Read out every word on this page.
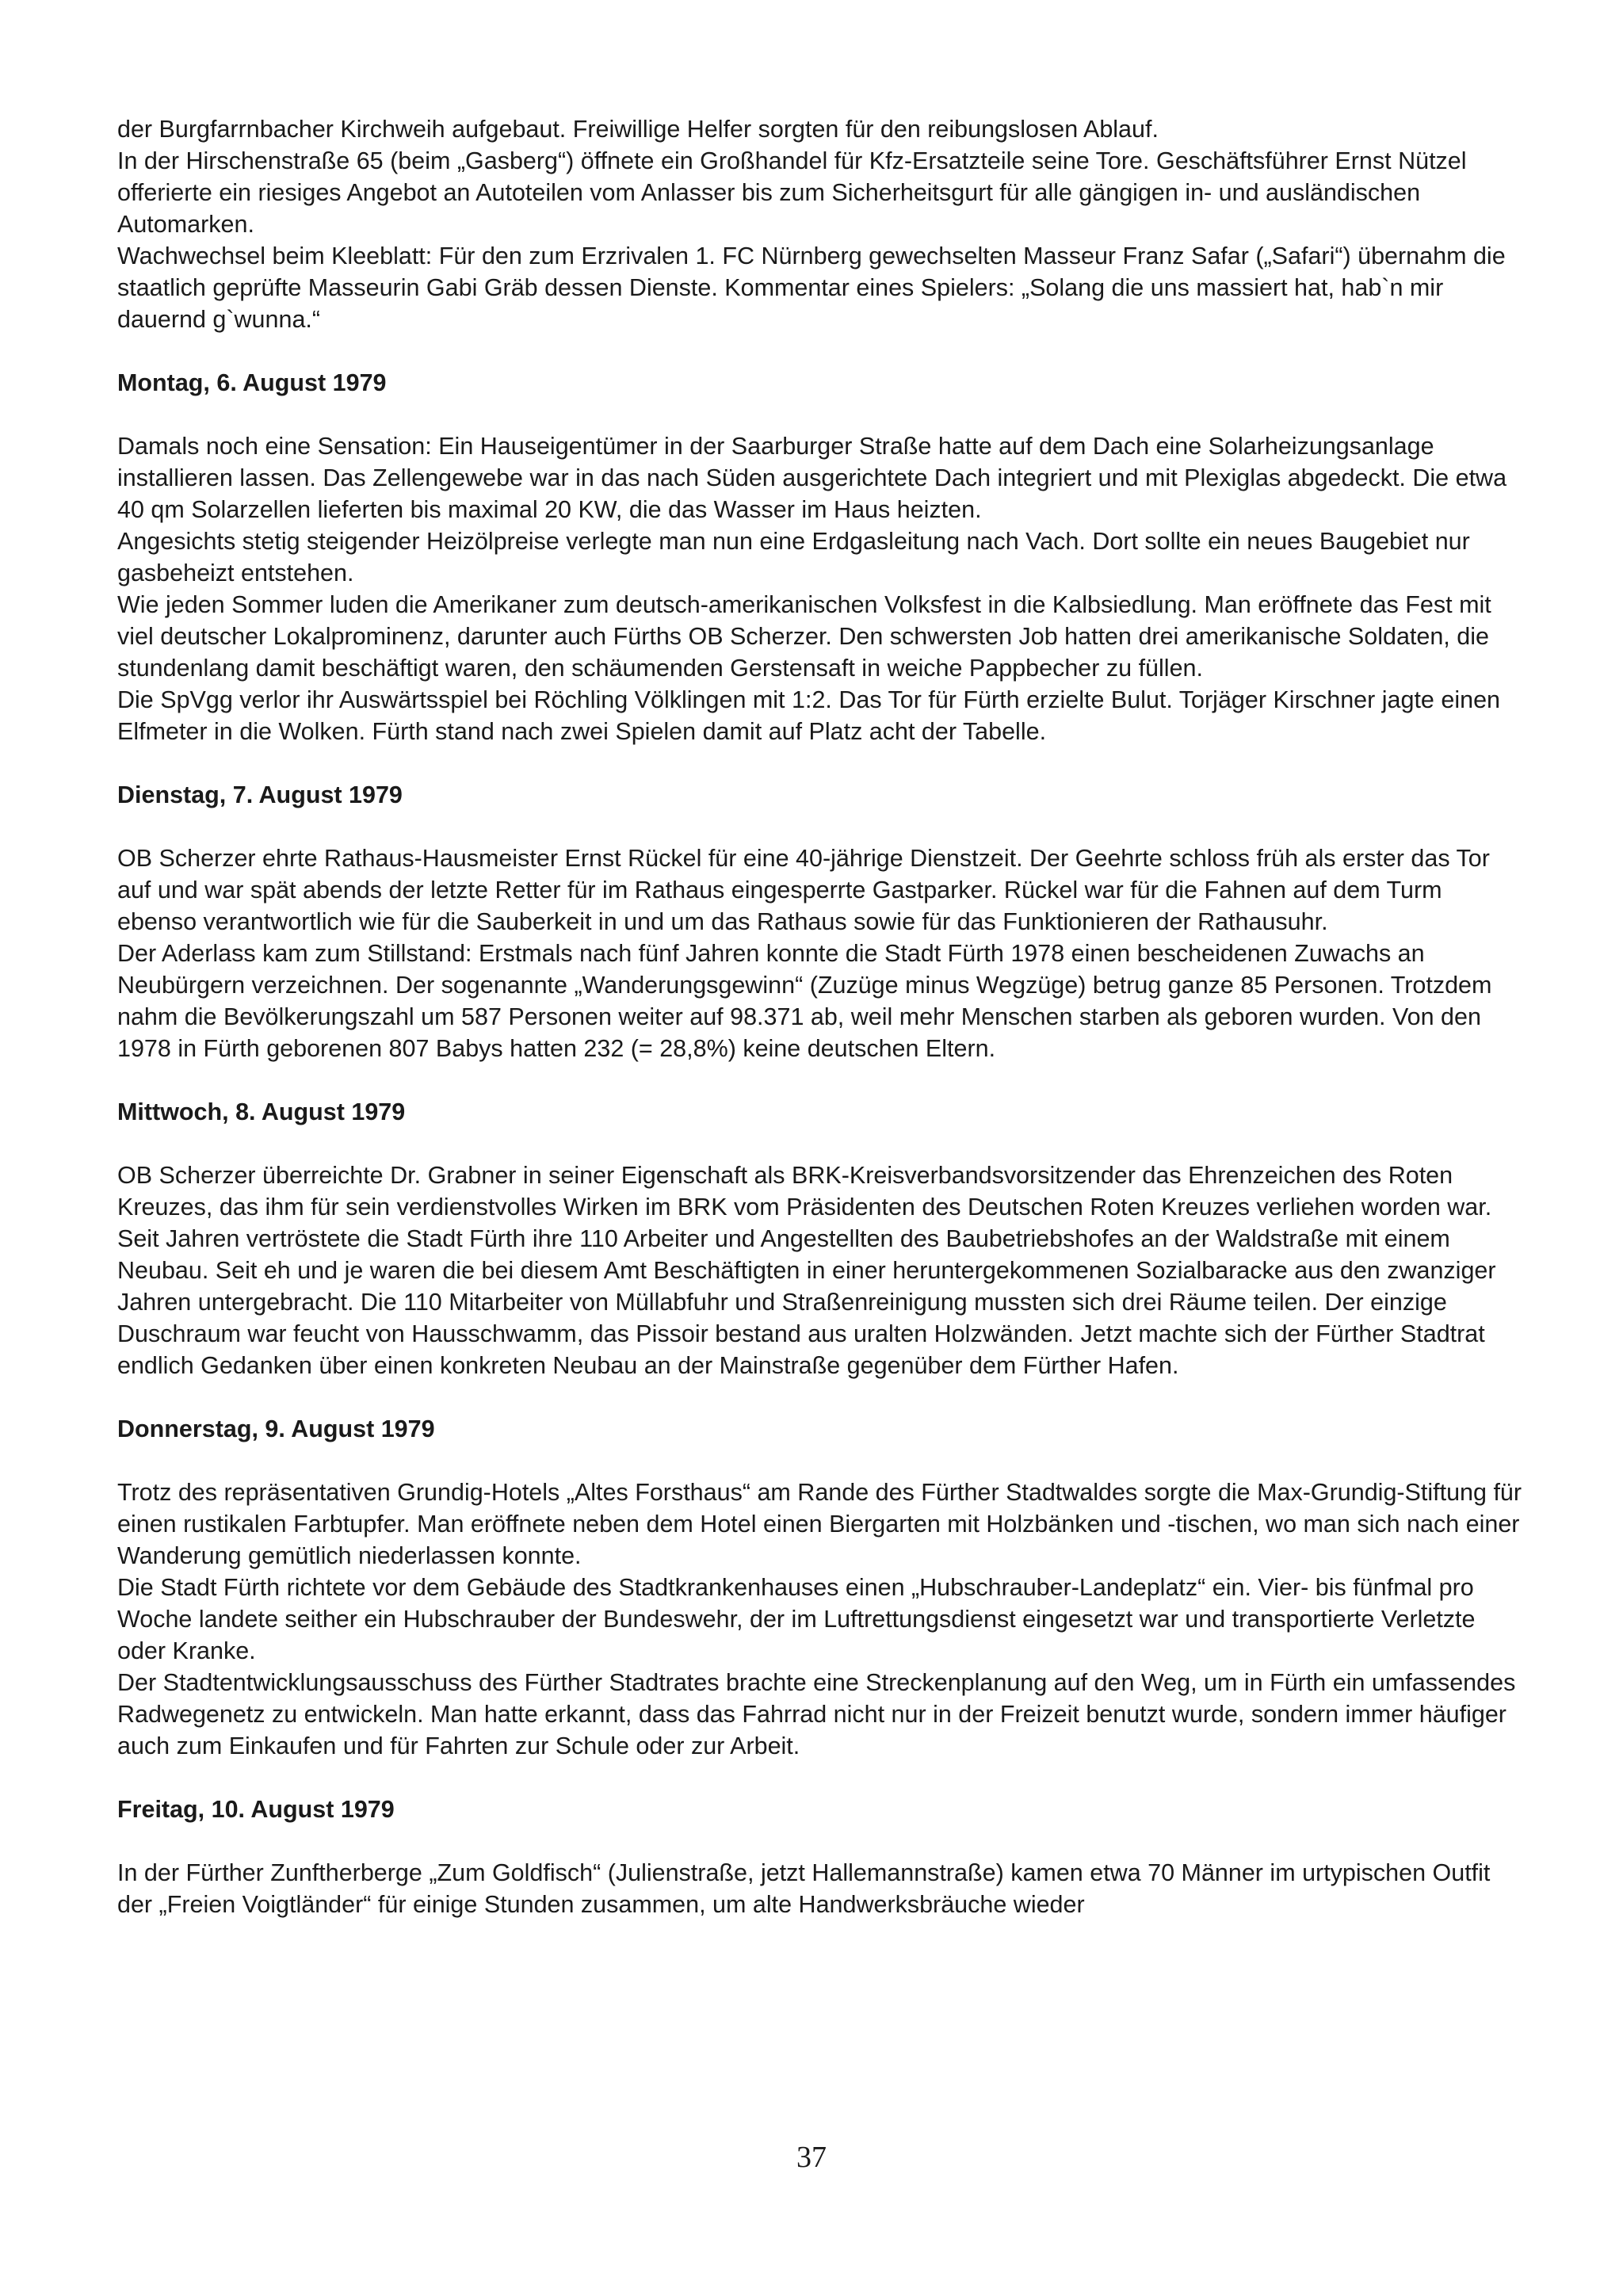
der Burgfarrnbacher Kirchweih aufgebaut. Freiwillige Helfer sorgten für den reibungslosen Ablauf.

In der Hirschenstraße 65 (beim „Gasberg“) öffnete ein Großhandel für Kfz-Ersatzteile seine Tore. Geschäftsführer Ernst Nützel offerierte ein riesiges Angebot an Autoteilen vom Anlasser bis zum Sicherheitsgurt für alle gängigen in- und ausländischen Automarken.

Wachwechsel beim Kleeblatt: Für den zum Erzrivalen 1. FC Nürnberg gewechselten Masseur Franz Safar („Safari“) übernahm die staatlich geprüfte Masseurin Gabi Gräb dessen Dienste. Kommentar eines Spielers: „Solang die uns massiert hat, hab`n mir dauernd g`wunna.“

Montag, 6. August 1979

Damals noch eine Sensation: Ein Hauseigentümer in der Saarburger Straße hatte auf dem Dach eine Solarheizungsanlage installieren lassen. Das Zellengewebe war in das nach Süden ausgerichtete Dach integriert und mit Plexiglas abgedeckt. Die etwa 40 qm Solarzellen lieferten bis maximal 20 KW, die das Wasser im Haus heizten.

Angesichts stetig steigender Heizölpreise verlegte man nun eine Erdgasleitung nach Vach. Dort sollte ein neues Baugebiet nur gasbeheizt entstehen.

Wie jeden Sommer luden die Amerikaner zum deutsch-amerikanischen Volksfest in die Kalbsiedlung. Man eröffnete das Fest mit viel deutscher Lokalprominenz, darunter auch Fürths OB Scherzer. Den schwersten Job hatten drei amerikanische Soldaten, die stundenlang damit beschäftigt waren, den schäumenden Gerstensaft in weiche Pappbecher zu füllen.

Die SpVgg verlor ihr Auswärtsspiel bei Röchling Völklingen mit 1:2. Das Tor für Fürth erzielte Bulut. Torjäger Kirschner jagte einen Elfmeter in die Wolken. Fürth stand nach zwei Spielen damit auf Platz acht der Tabelle.

Dienstag, 7. August 1979

OB Scherzer ehrte Rathaus-Hausmeister Ernst Rückel für eine 40-jährige Dienstzeit. Der Geehrte schloss früh als erster das Tor auf und war spät abends der letzte Retter für im Rathaus eingesperrte Gastparker. Rückel war für die Fahnen auf dem Turm ebenso verantwortlich wie für die Sauberkeit in und um das Rathaus sowie für das Funktionieren der Rathausuhr.

Der Aderlass kam zum Stillstand: Erstmals nach fünf Jahren konnte die Stadt Fürth 1978 einen bescheidenen Zuwachs an Neubürgern verzeichnen. Der sogenannte „Wanderungsgewinn“ (Zuzüge minus Wegzüge) betrug ganze 85 Personen. Trotzdem nahm die Bevölkerungszahl um 587 Personen weiter auf 98.371 ab, weil mehr Menschen starben als geboren wurden. Von den 1978 in Fürth geborenen 807 Babys hatten 232 (= 28,8%) keine deutschen Eltern.

Mittwoch, 8. August 1979

OB Scherzer überreichte Dr. Grabner in seiner Eigenschaft als BRK-Kreisverbandsvorsitzender das Ehrenzeichen des Roten Kreuzes, das ihm für sein verdienstvolles Wirken im BRK vom Präsidenten des Deutschen Roten Kreuzes verliehen worden war.

Seit Jahren vertröstete die Stadt Fürth ihre 110 Arbeiter und Angestellten des Baubetriebshofes an der Waldstraße mit einem Neubau. Seit eh und je waren die bei diesem Amt Beschäftigten in einer heruntergekommenen Sozialbaracke aus den zwanziger Jahren untergebracht. Die 110 Mitarbeiter von Müllabfuhr und Straßenreinigung mussten sich drei Räume teilen. Der einzige Duschraum war feucht von Hausschwamm, das Pissoir bestand aus uralten Holzwänden. Jetzt machte sich der Fürther Stadtrat endlich Gedanken über einen konkreten Neubau an der Mainstraße gegenüber dem Fürther Hafen.

Donnerstag, 9. August 1979

Trotz des repräsentativen Grundig-Hotels „Altes Forsthaus“ am Rande des Fürther Stadtwaldes sorgte die Max-Grundig-Stiftung für einen rustikalen Farbtupfer. Man eröffnete neben dem Hotel einen Biergarten mit Holzbänken und -tischen, wo man sich nach einer Wanderung gemütlich niederlassen konnte.

Die Stadt Fürth richtete vor dem Gebäude des Stadtkrankenhauses einen „Hubschrauber-Landeplatz“ ein. Vier- bis fünfmal pro Woche landete seither ein Hubschrauber der Bundeswehr, der im Luftrettungsdienst eingesetzt war und transportierte Verletzte oder Kranke.

Der Stadtentwicklungsausschuss des Fürther Stadtrates brachte eine Streckenplanung auf den Weg, um in Fürth ein umfassendes Radwegenetz zu entwickeln. Man hatte erkannt, dass das Fahrrad nicht nur in der Freizeit benutzt wurde, sondern immer häufiger auch zum Einkaufen und für Fahrten zur Schule oder zur Arbeit.

Freitag, 10. August 1979

In der Fürther Zunftherberge „Zum Goldfisch“ (Julienstraße, jetzt Hallemannstraße) kamen etwa 70 Männer im urtypischen Outfit der „Freien Voigtländer“ für einige Stunden zusammen, um alte Handwerksbräuche wieder

37
